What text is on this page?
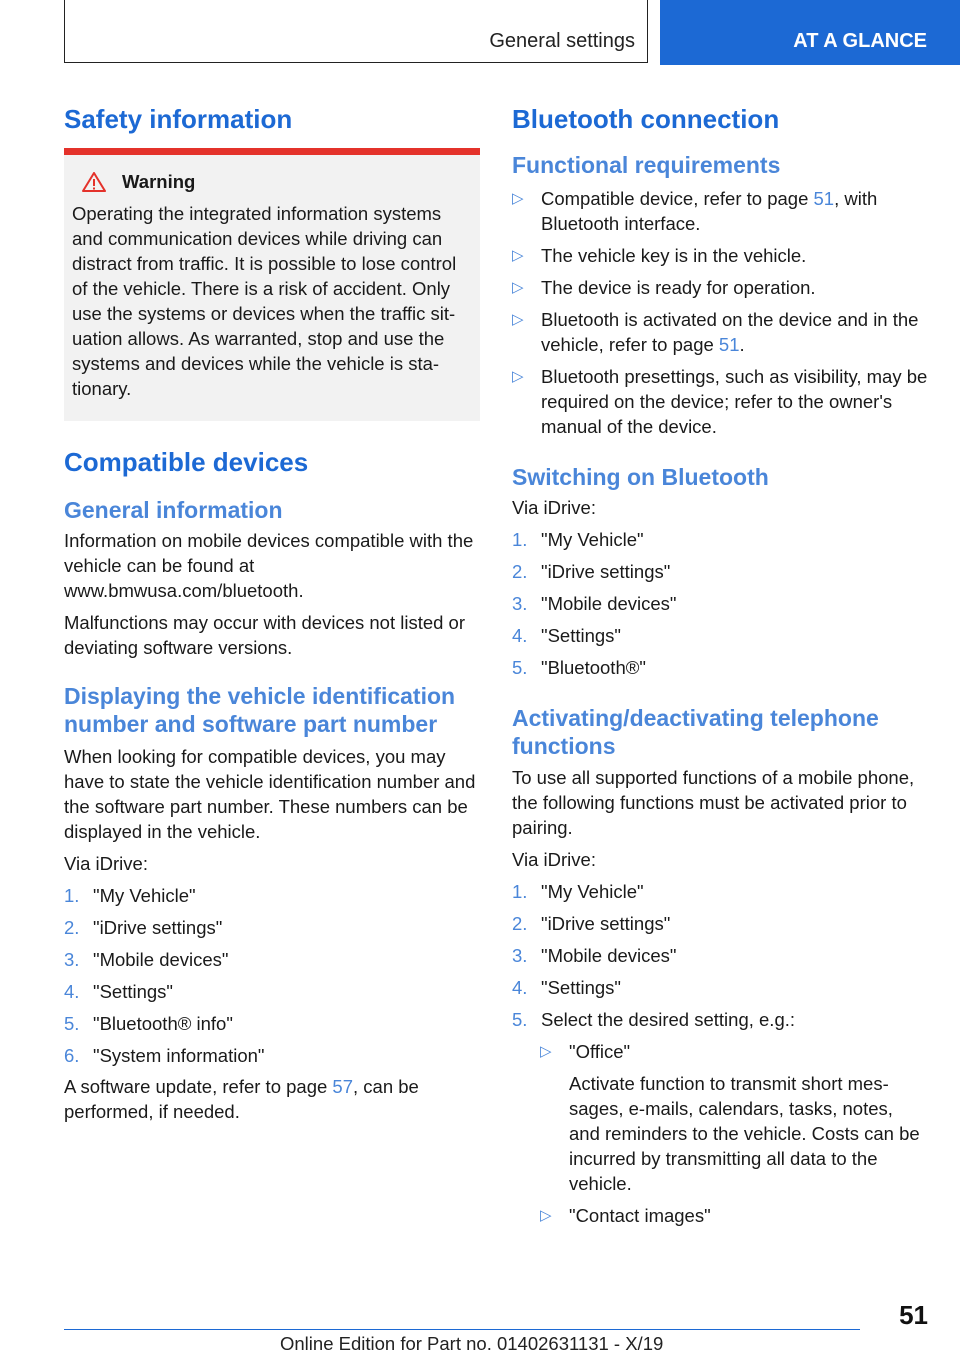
General settings	AT A GLANCE
Safety information
Warning

Operating the integrated information systems and communication devices while driving can distract from traffic. It is possible to lose control of the vehicle. There is a risk of accident. Only use the systems or devices when the traffic situation allows. As warranted, stop and use the systems and devices while the vehicle is stationary.

Compatible devices
General information

Information on mobile devices compatible with the vehicle can be found at www.bmwusa.com/bluetooth.

Malfunctions may occur with devices not listed or deviating software versions.

Displaying the vehicle identification number and software part number

When looking for compatible devices, you may have to state the vehicle identification number and the software part number. These numbers can be displayed in the vehicle.

Via iDrive:

1. "My Vehicle"
2. "iDrive settings"
3. "Mobile devices"
4. "Settings"
5. "Bluetooth® info"
6. "System information"

A software update, refer to page 57, can be performed, if needed.

Bluetooth connection
Functional requirements
▷ Compatible device, refer to page 51, with Bluetooth interface.
▷ The vehicle key is in the vehicle.
▷ The device is ready for operation.
▷ Bluetooth is activated on the device and in the vehicle, refer to page 51.
▷ Bluetooth presettings, such as visibility, may be required on the device; refer to the owner's manual of the device.
Switching on Bluetooth

Via iDrive:

1. "My Vehicle"
2. "iDrive settings"
3. "Mobile devices"
4. "Settings"
5. "Bluetooth®"
Activating/deactivating telephone functions

To use all supported functions of a mobile phone, the following functions must be activated prior to pairing.

Via iDrive:

1. "My Vehicle"
2. "iDrive settings"
3. "Mobile devices"
4. "Settings"
5. Select the desired setting, e.g.:
▷ "Office"
Activate function to transmit short messages, e-mails, calendars, tasks, notes, and reminders to the vehicle. Costs can be incurred by transmitting all data to the vehicle.
▷ "Contact images"
51
Online Edition for Part no. 01402631131 - X/19
